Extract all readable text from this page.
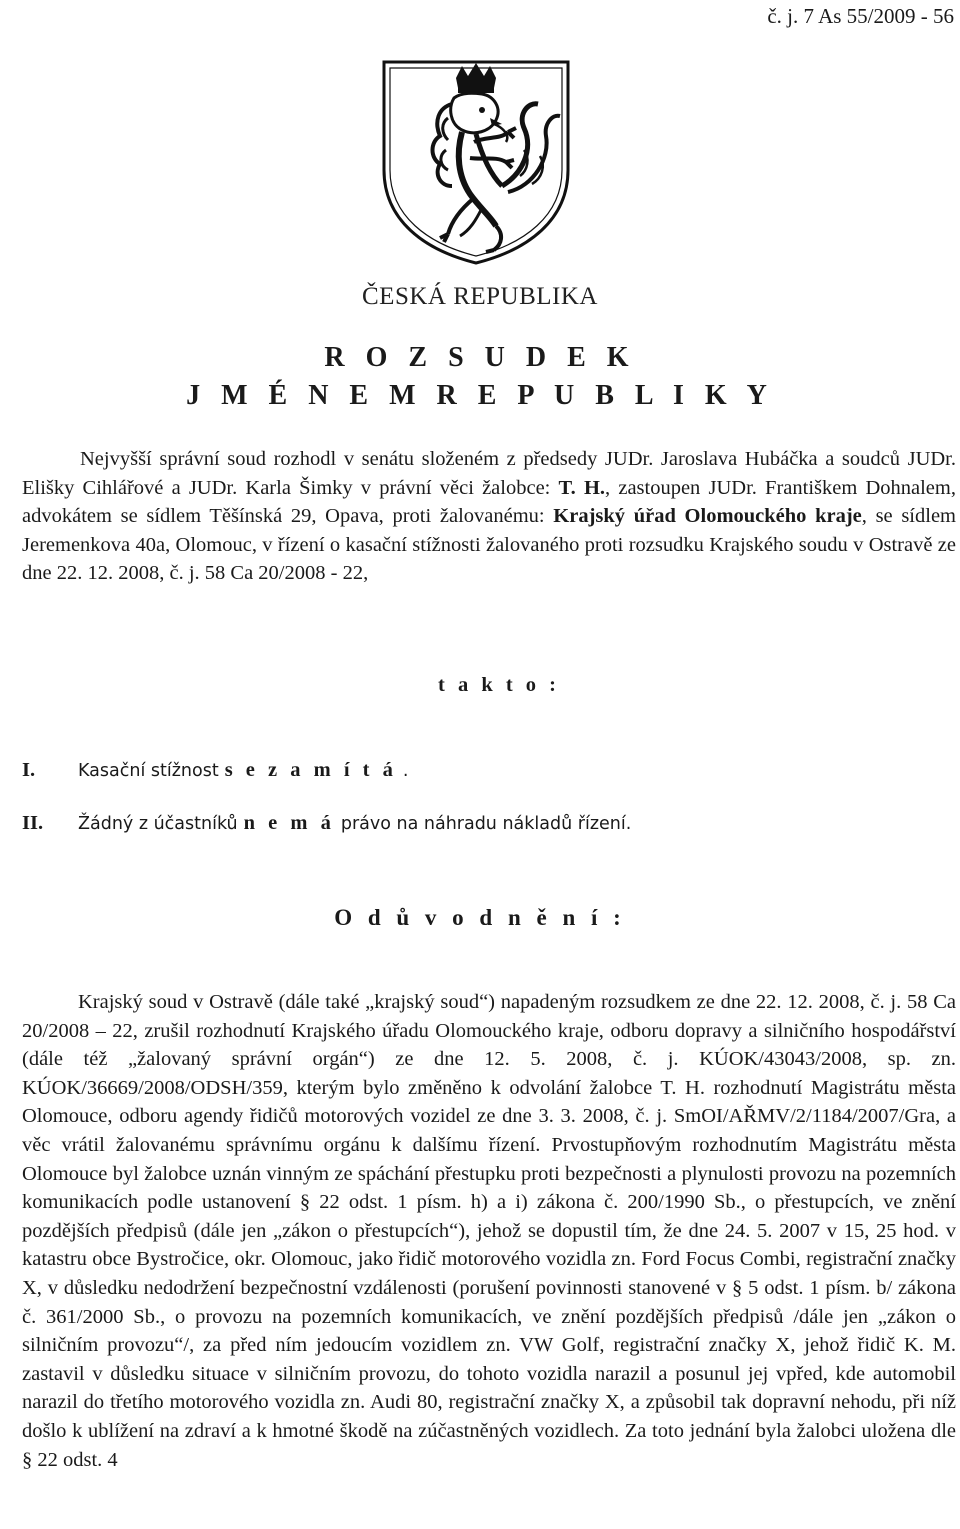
č. j. 7 As 55/2009 - 56
ČESKÁ REPUBLIKA
R O Z S U D E K
J M É N E M R E P U B L I K Y
Nejvyšší správní soud rozhodl v senátu složeném z předsedy JUDr. Jaroslava Hubáčka a soudců JUDr. Elišky Cihlářové a JUDr. Karla Šimky v právní věci žalobce: T. H., zastoupen JUDr. Františkem Dohnalem, advokátem se sídlem Těšínská 29, Opava, proti žalovanému: Krajský úřad Olomouckého kraje, se sídlem Jeremenkova 40a, Olomouc, v řízení o kasační stížnosti žalovaného proti rozsudku Krajského soudu v Ostravě ze dne 22. 12. 2008, č. j. 58 Ca 20/2008 - 22,
t a k t o :
I. Kasační stížnost s e z a m í t á .
II. Žádný z účastníků n e m á právo na náhradu nákladů řízení.
O d ů v o d n ě n í :
Krajský soud v Ostravě (dále také „krajský soud“) napadeným rozsudkem ze dne 22. 12. 2008, č. j. 58 Ca 20/2008 – 22, zrušil rozhodnutí Krajského úřadu Olomouckého kraje, odboru dopravy a silničního hospodářství (dále též „žalovaný správní orgán“) ze dne 12. 5. 2008, č. j. KÚOK/43043/2008, sp. zn. KÚOK/36669/2008/ODSH/359, kterým bylo změněno k odvolání žalobce T. H. rozhodnutí Magistrátu města Olomouce, odboru agendy řidičů motorových vozidel ze dne 3. 3. 2008, č. j. SmOI/AŘMV/2/1184/2007/Gra, a věc vrátil žalovanému správnímu orgánu k dalšímu řízení. Prvostupňovým rozhodnutím Magistrátu města Olomouce byl žalobce uznán vinným ze spáchání přestupku proti bezpečnosti a plynulosti provozu na pozemních komunikacích podle ustanovení § 22 odst. 1 písm. h) a i) zákona č. 200/1990 Sb., o přestupcích, ve znění pozdějších předpisů (dále jen „zákon o přestupcích“), jehož se dopustil tím, že dne 24. 5. 2007 v 15, 25 hod. v katastru obce Bystročice, okr. Olomouc, jako řidič motorového vozidla zn. Ford Focus Combi, registrační značky X, v důsledku nedodržení bezpečnostní vzdálenosti (porušení povinnosti stanovené v § 5 odst. 1 písm. b/ zákona č. 361/2000 Sb., o provozu na pozemních komunikacích, ve znění pozdějších předpisů /dále jen „zákon o silničním provozu“/, za před ním jedoucím vozidlem zn. VW Golf, registrační značky X, jehož řidič K. M. zastavil v důsledku situace v silničním provozu, do tohoto vozidla narazil a posunul jej vpřed, kde automobil narazil do třetího motorového vozidla zn. Audi 80, registrační značky X, a způsobil tak dopravní nehodu, při níž došlo k ublížení na zdraví a k hmotné škodě na zúčastněných vozidlech. Za toto jednání byla žalobci uložena dle § 22 odst. 4
